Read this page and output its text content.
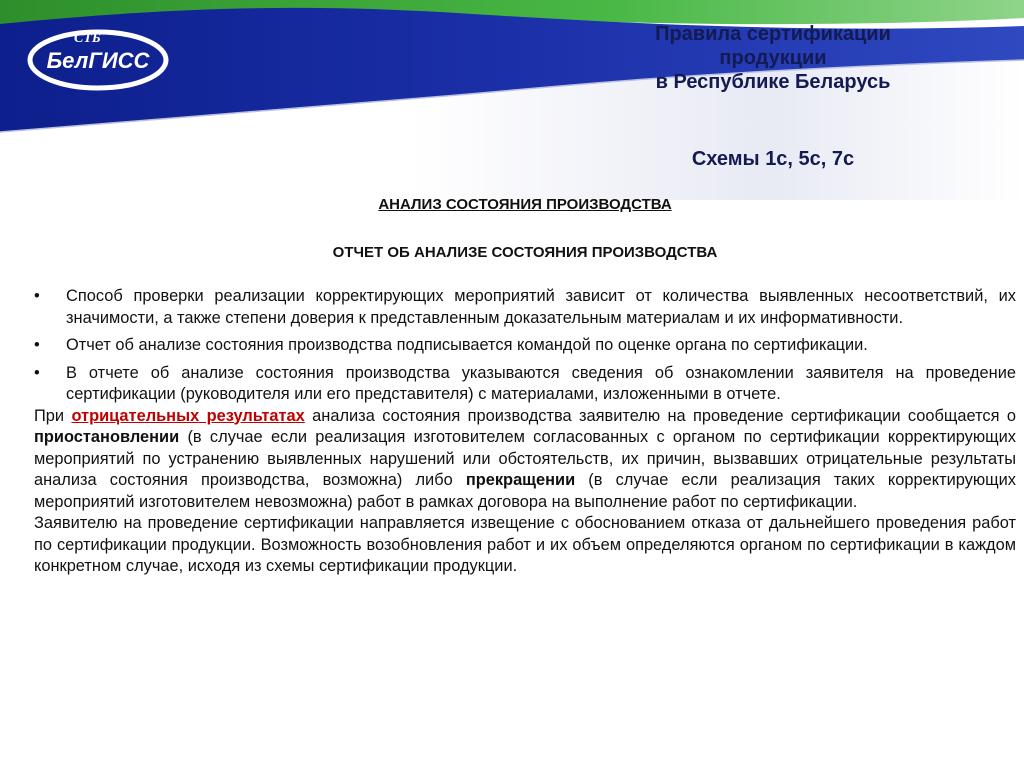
СТБ
БелГИСС
Правила сертификации
продукции
в Республике Беларусь
Схемы 1с, 5с, 7с
АНАЛИЗ СОСТОЯНИЯ ПРОИЗВОДСТВА
ОТЧЕТ ОБ АНАЛИЗЕ СОСТОЯНИЯ ПРОИЗВОДСТВА
• Способ проверки реализации корректирующих мероприятий зависит от количества выявленных несоответствий, их значимости, а также степени доверия к представленным доказательным материалам и их информативности.
• Отчет об анализе состояния производства подписывается командой по оценке органа по сертификации.
• В отчете об анализе состояния производства указываются сведения об ознакомлении заявителя на проведение сертификации (руководителя или его представителя) с материалами, изложенными в отчете.

При отрицательных результатах анализа состояния производства заявителю на проведение сертификации сообщается о приостановлении (в случае если реализация изготовителем согласованных с органом по сертификации корректирующих мероприятий по устранению выявленных нарушений или обстоятельств, их причин, вызвавших отрицательные результаты анализа состояния производства, возможна) либо прекращении (в случае если реализация таких корректирующих мероприятий изготовителем невозможна) работ в рамках договора на выполнение работ по сертификации.

Заявителю на проведение сертификации направляется извещение с обоснованием отказа от дальнейшего проведения работ по сертификации продукции. Возможность возобновления работ и их объем определяются органом по сертификации в каждом конкретном случае, исходя из схемы сертификации продукции.
